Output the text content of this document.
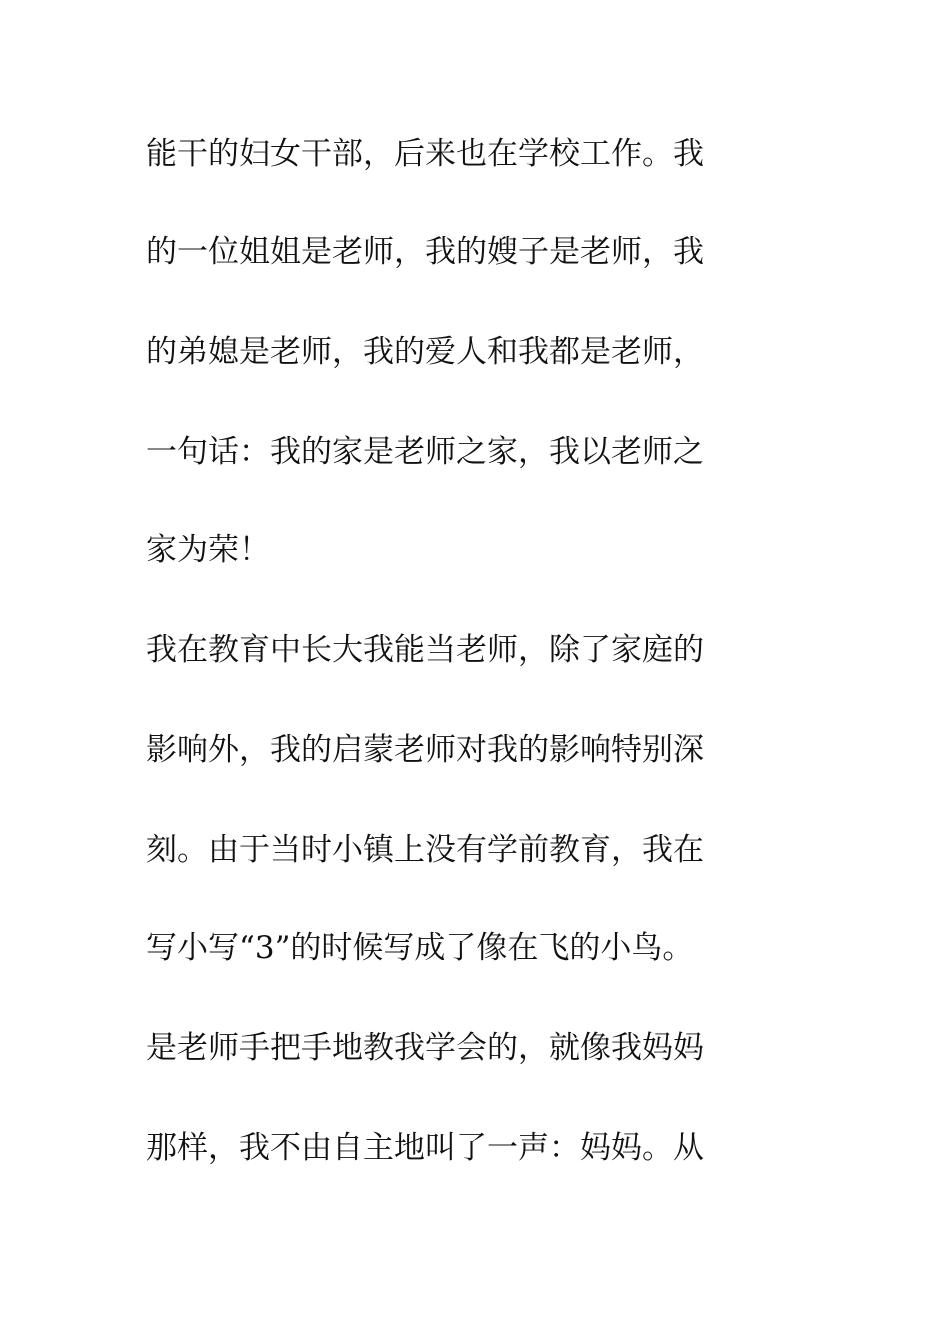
能干的妇女干部，后来也在学校工作。我
的一位姐姐是老师，我的嫂子是老师，我
的弟媳是老师，我的爱人和我都是老师，
一句话：我的家是老师之家，我以老师之
家为荣！
我在教育中长大我能当老师，除了家庭的
影响外，我的启蒙老师对我的影响特别深
刻。由于当时小镇上没有学前教育，我在
写小写“3”的时候写成了像在飞的小鸟。
是老师手把手地教我学会的，就像我妈妈
那样，我不由自主地叫了一声：妈妈。从
